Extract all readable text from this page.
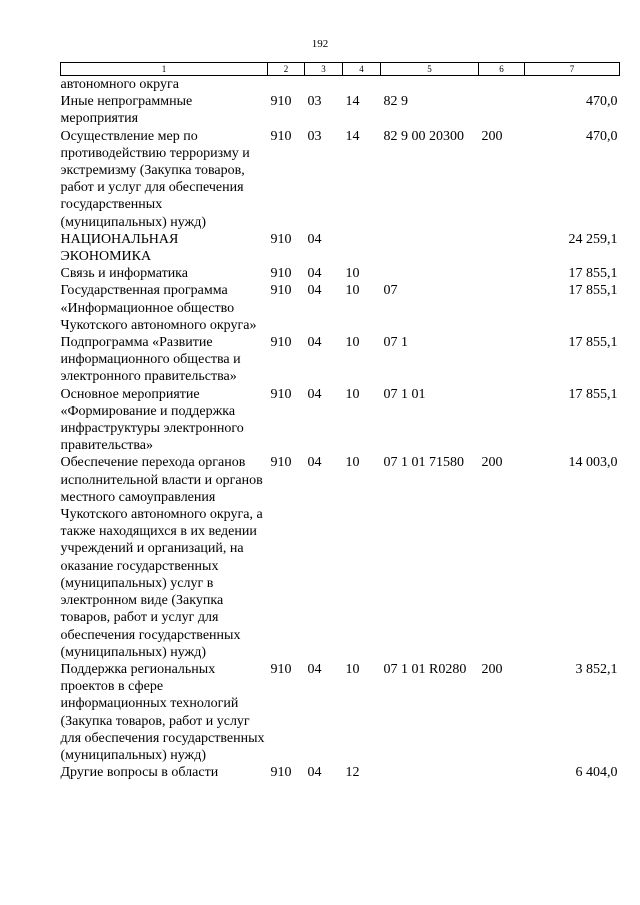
192
1	2	3	4	5	6	7
автономного округа						
Иные непрограммные мероприятия	910	03	14	82 9		470,0
Осуществление мер по противодействию терроризму и экстремизму (Закупка товаров, работ и услуг для обеспечения государственных (муниципальных) нужд)	910	03	14	82 9 00 20300	200	470,0
НАЦИОНАЛЬНАЯ ЭКОНОМИКА	910	04				24 259,1
Связь и информатика	910	04	10			17 855,1
Государственная программа «Информационное общество Чукотского автономного округа»	910	04	10	07		17 855,1
Подпрограмма «Развитие информационного общества и электронного правительства»	910	04	10	07 1		17 855,1
Основное мероприятие «Формирование и поддержка инфраструктуры электронного правительства»	910	04	10	07 1 01		17 855,1
Обеспечение перехода органов исполнительной власти и органов местного самоуправления Чукотского автономного округа, а также находящихся в их ведении учреждений и организаций, на оказание государственных (муниципальных) услуг в электронном виде (Закупка товаров, работ и услуг для обеспечения государственных (муниципальных) нужд)	910	04	10	07 1 01 71580	200	14 003,0
Поддержка региональных проектов в сфере информационных технологий (Закупка товаров, работ и услуг для обеспечения государственных (муниципальных) нужд)	910	04	10	07 1 01 R0280	200	3 852,1
Другие вопросы в области	910	04	12			6 404,0
